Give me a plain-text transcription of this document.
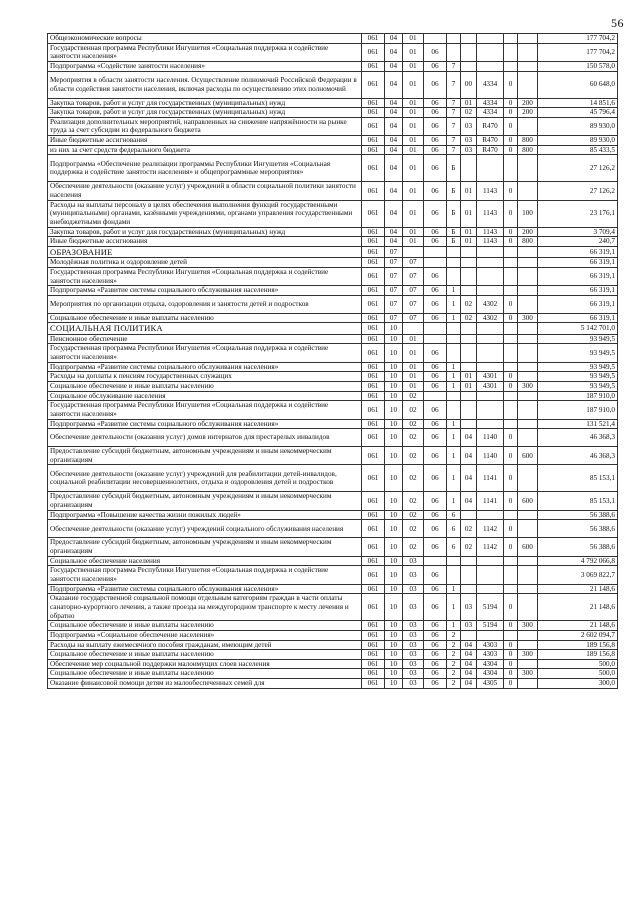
56
Общеэкономические вопросы	061	04	01							177 704,2
Государственная программа Республики Ингушетия «Социальная поддержка и содействие занятости населения»	061	04	01	06						177 704,2
Подпрограмма «Содействие занятости населения»	061	04	01	06	7					150 578,0
Мероприятия в области занятости населения. Осуществление полномочий Российской Федерации в области содействия занятости населения, включая расходы по осуществлению этих полномочий	061	04	01	06	7	00	4334	0		60 648,0
Закупка товаров, работ и услуг для государственных (муниципальных) нужд	061	04	01	06	7	01	4334	0	200	14 851,6
Закупка товаров, работ и услуг для государственных (муниципальных) нужд	061	04	01	06	7	02	4334	0	200	45 796,4
Реализация дополнительных мероприятий, направленных на снижение напряжённости на рынке труда за счет субсидии из федерального бюджета	061	04	01	06	7	03	R470	0		89 930,0
Иные бюджетные ассигнования	061	04	01	06	7	03	R470	0	800	89 930,0
из них за счет средств федерального бюджета	061	04	01	06	7	03	R470	0	800	85 433,5
Подпрограмма «Обеспечение реализации программы Республики Ингушетия «Социальная поддержка и содействие занятости населения» и общепрограммные мероприятия»	061	04	01	06	Б					27 126,2
Обеспечение деятельности (оказание услуг) учреждений в области социальной политики занятости населения	061	04	01	06	Б	01	1143	0		27 126,2
Расходы на выплаты персоналу в целях обеспечения выполнения функций государственными (муниципальными) органами, казёнными учреждениями, органами управления государственными внебюджетными фондами	061	04	01	06	Б	01	1143	0	100	23 176,1
Закупка товаров, работ и услуг для государственных (муниципальных) нужд	061	04	01	06	Б	01	1143	0	200	3 709,4
Иные бюджетные ассигнования	061	04	01	06	Б	01	1143	0	800	240,7
ОБРАЗОВАНИЕ	061	07								66 319,1
Молодёжная политика и оздоровление детей	061	07	07							66 319,1
Государственная программа Республики Ингушетия «Социальная поддержка и содействие занятости населения»	061	07	07	06						66 319,1
Подпрограмма «Развитие системы социального обслуживания населения»	061	07	07	06	1					66 319,1
Мероприятия по организации отдыха, оздоровления и занятости детей и подростков	061	07	07	06	1	02	4302	0		66 319,1
Социальное обеспечение и иные выплаты населению	061	07	07	06	1	02	4302	0	300	66 319,1
СОЦИАЛЬНАЯ ПОЛИТИКА	061	10								5 142 701,0
Пенсионное обеспечение	061	10	01							93 949,5
Государственная программа Республики Ингушетия «Социальная поддержка и содействие занятости населения»	061	10	01	06						93 949,5
Подпрограмма «Развитие системы социального обслуживания населения»	061	10	01	06	1					93 949,5
Расходы на доплаты к пенсиям государственных служащих	061	10	01	06	1	01	4301	0		93 949,5
Социальное обеспечение и иные выплаты населению	061	10	01	06	1	01	4301	0	300	93 949,5
Социальное обслуживание населения	061	10	02							187 910,0
Государственная программа Республики Ингушетия «Социальная поддержка и содействие занятости населения»	061	10	02	06						187 910,0
Подпрограмма «Развитие системы социального обслуживания населения»	061	10	02	06	1					131 521,4
Обеспечение деятельности (оказания услуг) домов интернатов для престарелых инвалидов	061	10	02	06	1	04	1140	0		46 368,3
Предоставление субсидий бюджетным, автономным учреждениям и иным некоммерческим организациям	061	10	02	06	1	04	1140	0	600	46 368,3
Обеспечение деятельности (оказание услуг) учреждений для реабилитации детей-инвалидов, социальной реабилитации несовершеннолетних, отдыха и оздоровления детей и подростков	061	10	02	06	1	04	1141	0		85 153,1
Предоставление субсидий бюджетным, автономным учреждениям и иным некоммерческим организациям	061	10	02	06	1	04	1141	0	600	85 153,1
Подпрограмма «Повышение качества жизни пожилых людей»	061	10	02	06	6					56 388,6
Обеспечение деятельности (оказание услуг) учреждений социального обслуживания населения	061	10	02	06	6	02	1142	0		56 388,6
Предоставление субсидий бюджетным, автономным учреждениям и иным некоммерческим организациям	061	10	02	06	6	02	1142	0	600	56 388,6
Социальное обеспечение населения	061	10	03							4 792 066,8
Государственная программа Республики Ингушетия «Социальная поддержка и содействие занятости населения»	061	10	03	06						3 069 822,7
Подпрограмма «Развитие системы социального обслуживания населения»	061	10	03	06	1					21 148,6
Оказание государственной социальной помощи отдельным категориям граждан в части оплаты санаторно-курортного лечения, а также проезда на междугородном транспорте к месту лечения и обратно	061	10	03	06	1	03	5194	0		21 148,6
Социальное обеспечение и иные выплаты населению	061	10	03	06	1	03	5194	0	300	21 148,6
Подпрограмма «Социальное обеспечение населения»	061	10	03	06	2					2 602 094,7
Расходы на выплату ежемесячного пособия гражданам, имеющим детей	061	10	03	06	2	04	4303	0		189 156,8
Социальное обеспечение и иные выплаты населению	061	10	03	06	2	04	4303	0	300	189 156,8
Обеспечение мер социальной поддержки малоимущих слоев населения	061	10	03	06	2	04	4304	0		500,0
Социальное обеспечение и иные выплаты населению	061	10	03	06	2	04	4304	0	300	500,0
Оказание финансовой помощи детям из малообеспеченных семей для	061	10	03	06	2	04	4305	0		300,0
